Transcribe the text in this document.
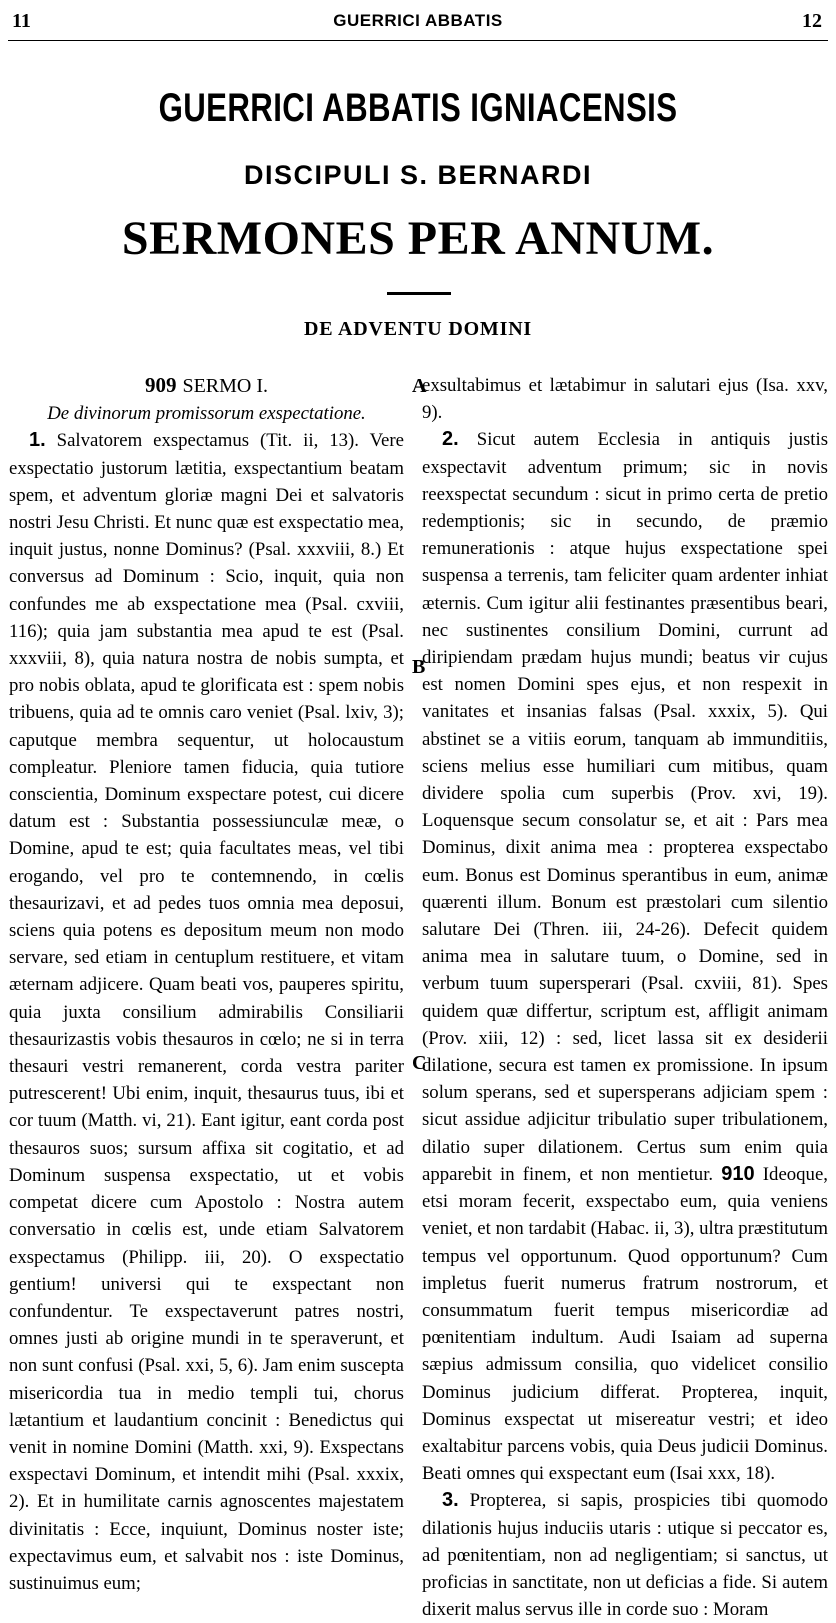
11	GUERRICI ABBATIS	12
GUERRICI ABBATIS IGNIACENSIS
DISCIPULI S. BERNARDI
SERMONES PER ANNUM.
DE ADVENTU DOMINI

909 SERMO I.

De divinorum promissorum exspectatione.

1. Salvatorem exspectamus (Tit. ii, 13). Vere exspectatio justorum lætitia, exspectantium beatam spem, et adventum gloriæ magni Dei et salvatoris nostri Jesu Christi. Et nunc quæ est exspectatio mea, inquit justus, nonne Dominus? (Psal. xxxviii, 8.) Et conversus ad Dominum : Scio, inquit, quia non confundes me ab exspectatione mea (Psal. cxviii, 116); quia jam substantia mea apud te est (Psal. xxxviii, 8), quia natura nostra de nobis sumpta, et pro nobis oblata, apud te glorificata est : spem nobis tribuens, quia ad te omnis caro veniet (Psal. lxiv, 3); caputque membra sequentur, ut holocaustum compleatur. Pleniore tamen fiducia, quia tutiore conscientia, Dominum exspectare potest, cui dicere datum est : Substantia possessiunculæ meæ, o Domine, apud te est; quia facultates meas, vel tibi erogando, vel pro te contemnendo, in cœlis thesaurizavi, et ad pedes tuos omnia mea deposui, sciens quia potens es depositum meum non modo servare, sed etiam in centuplum restituere, et vitam æternam adjicere. Quam beati vos, pauperes spiritu, quia juxta consilium admirabilis Consiliarii thesaurizastis vobis thesauros in cœlo; ne si in terra thesauri vestri remanerent, corda vestra pariter putrescerent! Ubi enim, inquit, thesaurus tuus, ibi et cor tuum (Matth. vi, 21). Eant igitur, eant corda post thesauros suos; sursum affixa sit cogitatio, et ad Dominum suspensa exspectatio, ut et vobis competat dicere cum Apostolo : Nostra autem conversatio in cœlis est, unde etiam Salvatorem exspectamus (Philipp. iii, 20). O exspectatio gentium! universi qui te exspectant non confundentur. Te exspectaverunt patres nostri, omnes justi ab origine mundi in te speraverunt, et non sunt confusi (Psal. xxi, 5, 6). Jam enim suscepta misericordia tua in medio templi tui, chorus lætantium et laudantium concinit : Benedictus qui venit in nomine Domini (Matth. xxi, 9). Exspectans exspectavi Dominum, et intendit mihi (Psal. xxxix, 2). Et in humilitate carnis agnoscentes majestatem divinitatis : Ecce, inquiunt, Dominus noster iste; expectavimus eum, et salvabit nos : iste Dominus, sustinuimus eum;

exsultabimus et lætabimur in salutari ejus (Isa. xxv, 9).

2. Sicut autem Ecclesia in antiquis justis exspectavit adventum primum; sic in novis reexspectat secundum : sicut in primo certa de pretio redemptionis; sic in secundo, de præmio remunerationis : atque hujus exspectatione spei suspensa a terrenis, tam feliciter quam ardenter inhiat æternis. Cum igitur alii festinantes præsentibus beari, nec sustinentes consilium Domini, currunt ad diripiendam prædam hujus mundi; beatus vir cujus est nomen Domini spes ejus, et non respexit in vanitates et insanias falsas (Psal. xxxix, 5). Qui abstinet se a vitiis eorum, tanquam ab immunditiis, sciens melius esse humiliari cum mitibus, quam dividere spolia cum superbis (Prov. xvi, 19). Loquensque secum consolatur se, et ait : Pars mea Dominus, dixit anima mea : propterea exspectabo eum. Bonus est Dominus sperantibus in eum, animæ quærenti illum. Bonum est præstolari cum silentio salutare Dei (Thren. iii, 24-26). Defecit quidem anima mea in salutare tuum, o Domine, sed in verbum tuum supersperari (Psal. cxviii, 81). Spes quidem quæ differtur, scriptum est, affligit animam (Prov. xiii, 12) : sed, licet lassa sit ex desiderii dilatione, secura est tamen ex promissione. In ipsum solum sperans, sed et supersperans adjiciam spem : sicut assidue adjicitur tribulatio super tribulationem, dilatio super dilationem. Certus sum enim quia apparebit in finem, et non mentietur. 910 Ideoque, etsi moram fecerit, exspectabo eum, quia veniens veniet, et non tardabit (Habac. ii, 3), ultra præstitutum tempus vel opportunum. Quod opportunum? Cum impletus fuerit numerus fratrum nostrorum, et consummatum fuerit tempus misericordiæ ad pœnitentiam indultum. Audi Isaiam ad superna sæpius admissum consilia, quo videlicet consilio Dominus judicium differat. Propterea, inquit, Dominus exspectat ut misereatur vestri; et ideo exaltabitur parcens vobis, quia Deus judicii Dominus. Beati omnes qui exspectant eum (Isai xxx, 18).

3. Propterea, si sapis, prospicies tibi quomodo dilationis hujus induciis utaris : utique si peccator es, ad pœnitentiam, non ad negligentiam; si sanctus, ut proficias in sanctitate, non ut deficias a fide. Si autem dixerit malus servus ille in corde suo : Moram

A
B
C
